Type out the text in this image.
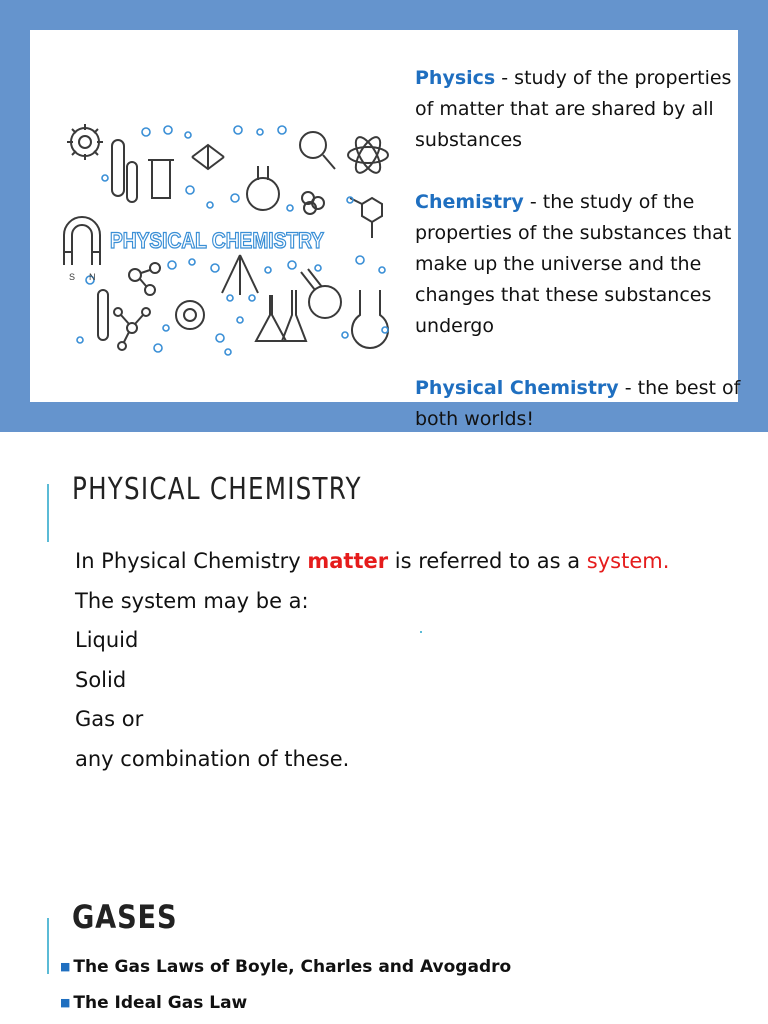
PHYSICAL CHEMISTRY
S N

Physics - study of the properties of matter that are shared by all substances

Chemistry - the study of the properties of the substances that make up the universe and the changes that these substances undergo

Physical Chemistry - the best of both worlds!

PHYSICAL CHEMISTRY
In Physical Chemistry matter is referred to as a system.
The system may be a:
Liquid
Solid
Gas or
any combination of these.
GASES
■ The Gas Laws of Boyle, Charles and Avogadro
■ The Ideal Gas Law
